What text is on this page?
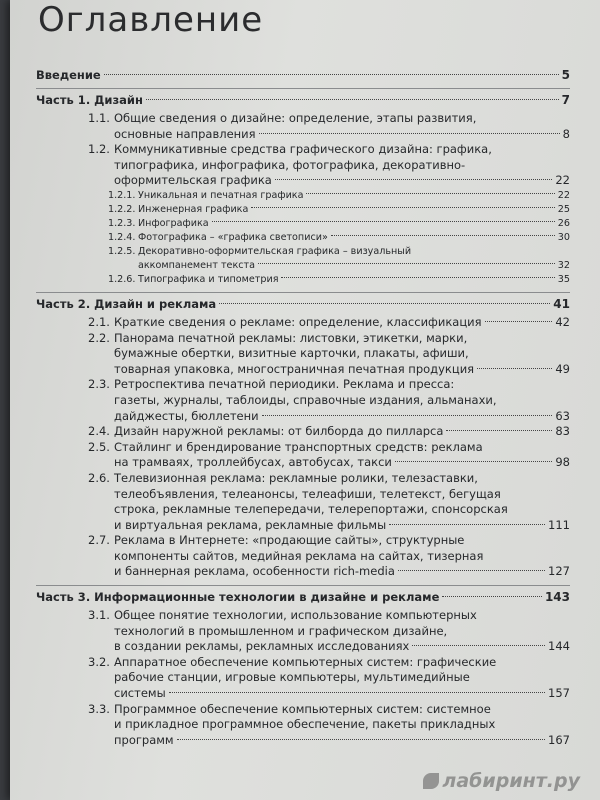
Оглавление
Введение	5
Часть 1. Дизайн	7
1.1. Общие сведения о дизайне: определение, этапы развития,
основные направления	8
1.2. Коммуникативные средства графического дизайна: графика,
типографика, инфографика, фотографика, декоративно-
оформительская графика	22
1.2.1. Уникальная и печатная графика	22
1.2.2. Инженерная графика	25
1.2.3. Инфографика	26
1.2.4. Фотографика – «графика светописи»	30
1.2.5. Декоративно-оформительская графика – визуальный
аккомпанемент текста	32
1.2.6. Типографика и типометрия	35
Часть 2. Дизайн и реклама	41
2.1. Краткие сведения о рекламе: определение, классификация	42
2.2. Панорама печатной рекламы: листовки, этикетки, марки,
бумажные обертки, визитные карточки, плакаты, афиши,
товарная упаковка, многостраничная печатная продукция	49
2.3. Ретроспектива печатной периодики. Реклама и пресса:
газеты, журналы, таблоиды, справочные издания, альманахи,
дайджесты, бюллетени	63
2.4. Дизайн наружной рекламы: от билборда до пилларса	83
2.5. Стайлинг и брендирование транспортных средств: реклама
на трамваях, троллейбусах, автобусах, такси	98
2.6. Телевизионная реклама: рекламные ролики, телезаставки,
телеобъявления, телеанонсы, телеафиши, телетекст, бегущая
строка, рекламные телепередачи, телерепортажи, спонсорская
и виртуальная реклама, рекламные фильмы	111
2.7. Реклама в Интернете: «продающие сайты», структурные
компоненты сайтов, медийная реклама на сайтах, тизерная
и баннерная реклама, особенности rich-media	127
Часть 3. Информационные технологии в дизайне и рекламе	143
3.1. Общее понятие технологии, использование компьютерных
технологий в промышленном и графическом дизайне,
в создании рекламы, рекламных исследованиях	144
3.2. Аппаратное обеспечение компьютерных систем: графические
рабочие станции, игровые компьютеры, мультимедийные
системы	157
3.3. Программное обеспечение компьютерных систем: системное
и прикладное программное обеспечение, пакеты прикладных
программ	167
лабиринт.ру
